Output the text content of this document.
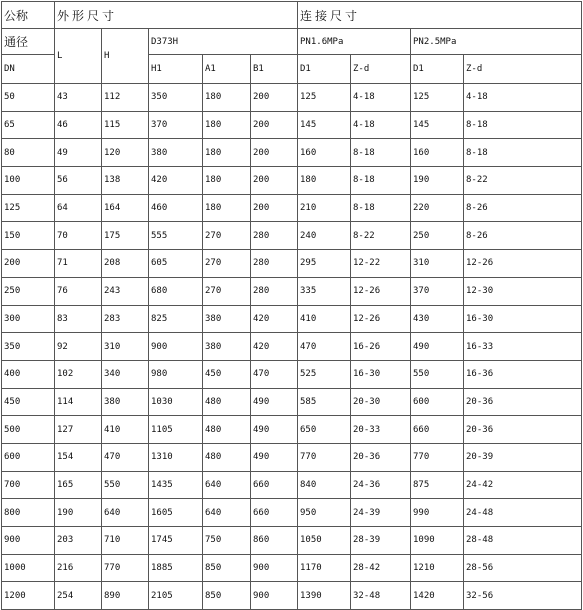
公称	外形尺寸					连接尺寸			
通径	L	H	D373H			PN1.6MPa		PN2.5MPa	
DN			H1	A1	B1	D1	Z-d	D1	Z-d
50	43	112	350	180	200	125	4-18	125	4-18
65	46	115	370	180	200	145	4-18	145	8-18
80	49	120	380	180	200	160	8-18	160	8-18
100	56	138	420	180	200	180	8-18	190	8-22
125	64	164	460	180	200	210	8-18	220	8-26
150	70	175	555	270	280	240	8-22	250	8-26
200	71	208	605	270	280	295	12-22	310	12-26
250	76	243	680	270	280	335	12-26	370	12-30
300	83	283	825	380	420	410	12-26	430	16-30
350	92	310	900	380	420	470	16-26	490	16-33
400	102	340	980	450	470	525	16-30	550	16-36
450	114	380	1030	480	490	585	20-30	600	20-36
500	127	410	1105	480	490	650	20-33	660	20-36
600	154	470	1310	480	490	770	20-36	770	20-39
700	165	550	1435	640	660	840	24-36	875	24-42
800	190	640	1605	640	660	950	24-39	990	24-48
900	203	710	1745	750	860	1050	28-39	1090	28-48
1000	216	770	1885	850	900	1170	28-42	1210	28-56
1200	254	890	2105	850	900	1390	32-48	1420	32-56
